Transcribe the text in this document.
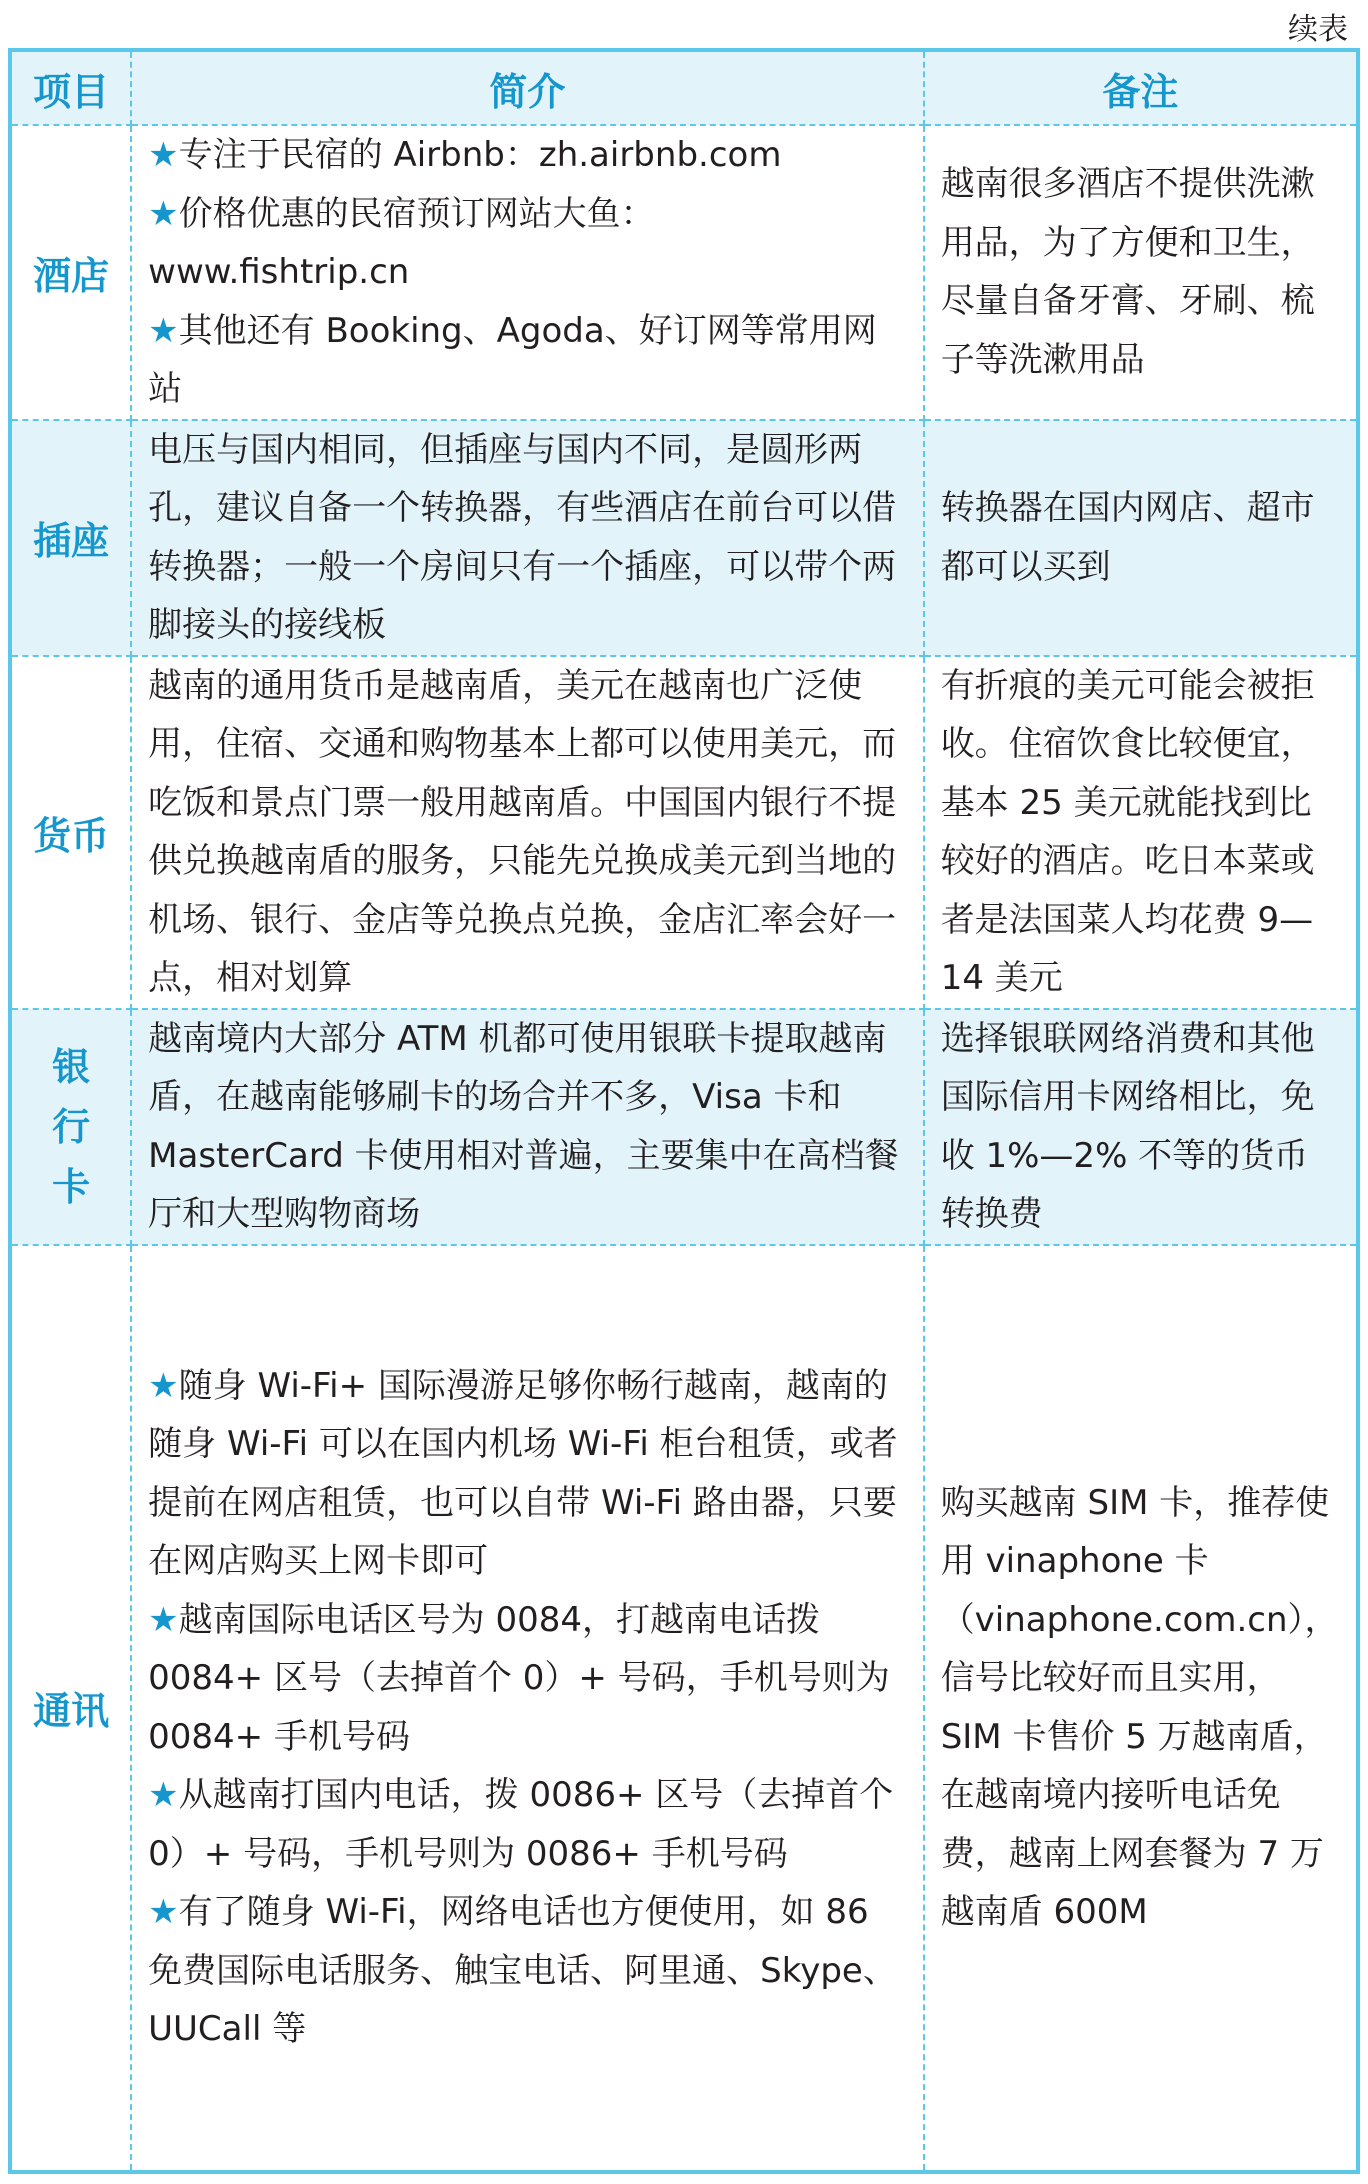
续表
项目	简介	备注
酒店	★专注于民宿的 Airbnb：zh.airbnb.com
★价格优惠的民宿预订网站大鱼：www.fishtrip.cn
★其他还有 Booking、Agoda、好订网等常用网站	越南很多酒店不提供洗漱用品，为了方便和卫生，尽量自备牙膏、牙刷、梳子等洗漱用品
插座	电压与国内相同，但插座与国内不同，是圆形两孔，建议自备一个转换器，有些酒店在前台可以借转换器；一般一个房间只有一个插座，可以带个两脚接头的接线板	转换器在国内网店、超市都可以买到
货币	越南的通用货币是越南盾，美元在越南也广泛使用，住宿、交通和购物基本上都可以使用美元，而吃饭和景点门票一般用越南盾。中国国内银行不提供兑换越南盾的服务，只能先兑换成美元到当地的机场、银行、金店等兑换点兑换，金店汇率会好一点，相对划算	有折痕的美元可能会被拒收。住宿饮食比较便宜，基本 25 美元就能找到比较好的酒店。吃日本菜或者是法国菜人均花费 9—14 美元

银
行
卡	越南境内大部分 ATM 机都可使用银联卡提取越南盾，在越南能够刷卡的场合并不多，Visa 卡和 MasterCard 卡使用相对普遍，主要集中在高档餐厅和大型购物商场	选择银联网络消费和其他国际信用卡网络相比，免收 1%—2% 不等的货币转换费
通讯	★随身 Wi-Fi+ 国际漫游足够你畅行越南，越南的随身 Wi-Fi 可以在国内机场 Wi-Fi 柜台租赁，或者提前在网店租赁，也可以自带 Wi-Fi 路由器，只要在网店购买上网卡即可
★越南国际电话区号为 0084，打越南电话拨 0084+ 区号（去掉首个 0）+ 号码，手机号则为 0084+ 手机号码
★从越南打国内电话，拨 0086+ 区号（去掉首个 0）+ 号码，手机号则为 0086+ 手机号码
★有了随身 Wi-Fi，网络电话也方便使用，如 86 免费国际电话服务、触宝电话、阿里通、Skype、UUCall 等	购买越南 SIM 卡，推荐使用 vinaphone 卡（vinaphone.com.cn），信号比较好而且实用，SIM 卡售价 5 万越南盾，在越南境内接听电话免费，越南上网套餐为 7 万越南盾 600M
